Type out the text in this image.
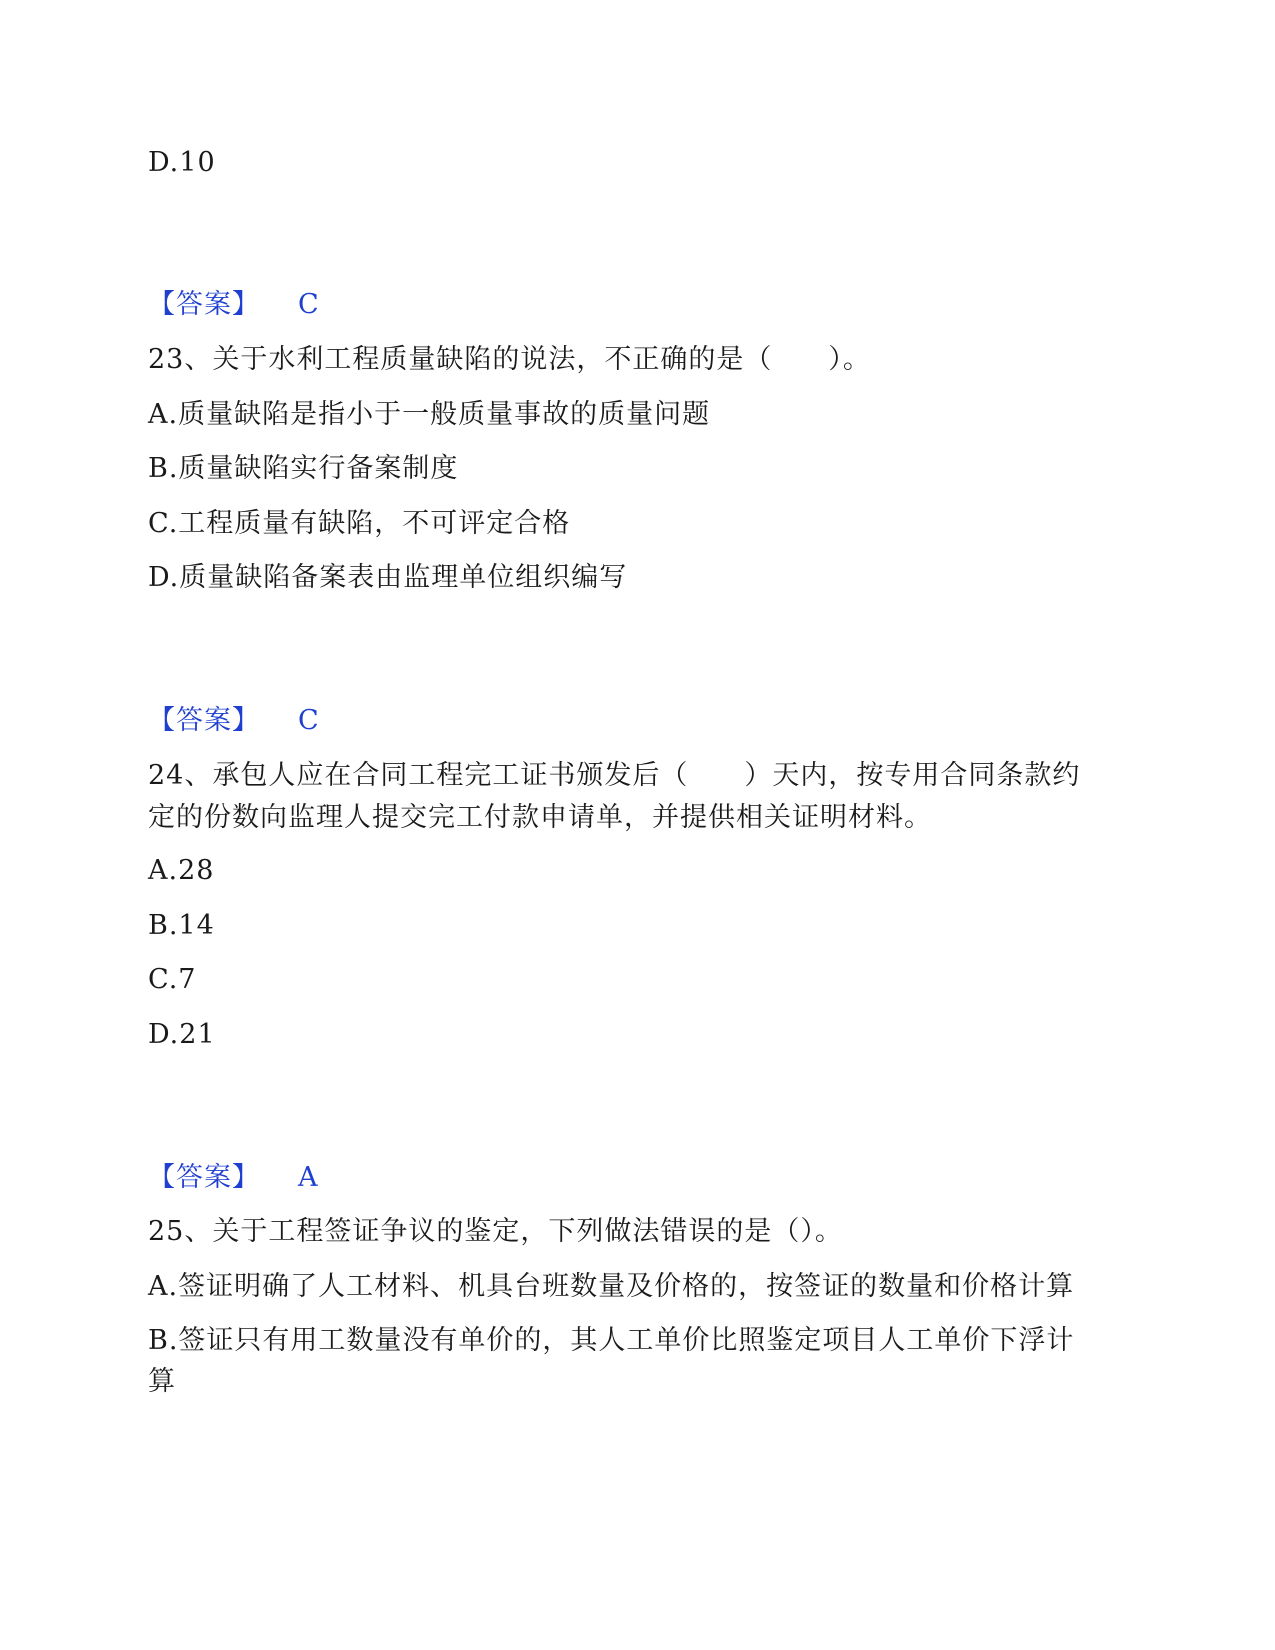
D.10
【答案】 C
23、关于水利工程质量缺陷的说法，不正确的是（　　）。
A.质量缺陷是指小于一般质量事故的质量问题
B.质量缺陷实行备案制度
C.工程质量有缺陷，不可评定合格
D.质量缺陷备案表由监理单位组织编写
【答案】 C
24、承包人应在合同工程完工证书颁发后（　　）天内，按专用合同条款约
定的份数向监理人提交完工付款申请单，并提供相关证明材料。
A.28
B.14
C.7
D.21
【答案】 A
25、关于工程签证争议的鉴定，下列做法错误的是（）。
A.签证明确了人工材料、机具台班数量及价格的，按签证的数量和价格计算
B.签证只有用工数量没有单价的，其人工单价比照鉴定项目人工单价下浮计
算
